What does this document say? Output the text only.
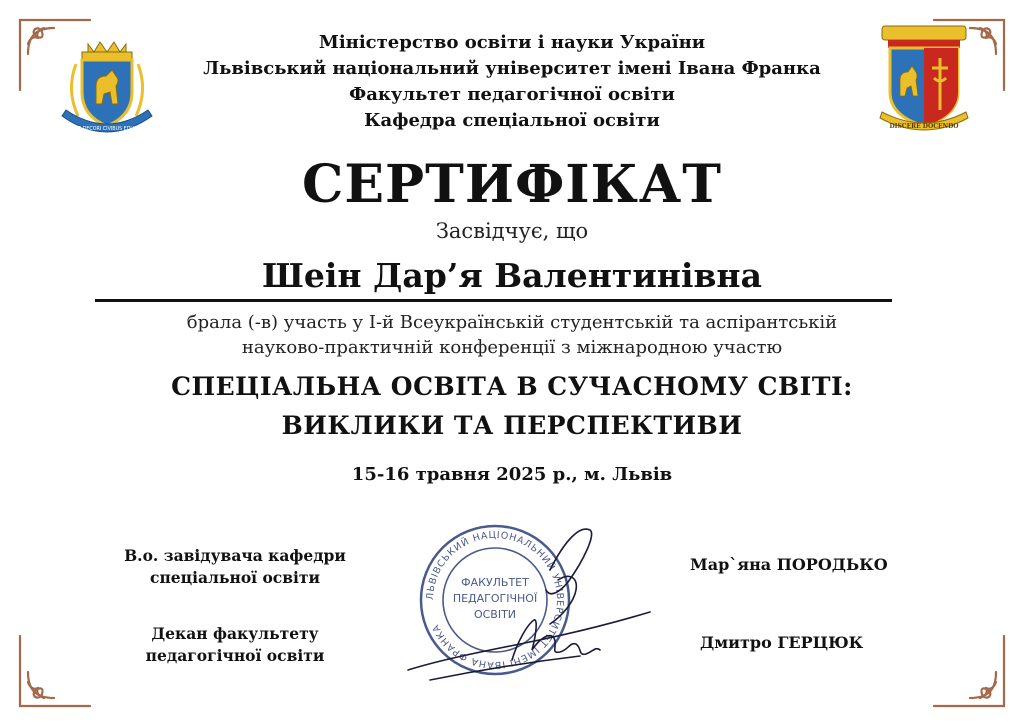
PATRIAE DECORI CIVIBUS EDUCANDIS	DISCERE DOCENDO
Міністерство освіти і науки України
Львівський національний університет імені Івана Франка
Факультет педагогічної освіти
Кафедра спеціальної освіти
СЕРТИФІКАТ
Засвідчує, що
Шеін Дар’я Валентинівна
брала (-в) участь у І-й Всеукраїнській студентській та аспірантській
науково-практичній конференції з міжнародною участю
СПЕЦІАЛЬНА ОСВІТА В СУЧАСНОМУ СВІТІ:
ВИКЛИКИ ТА ПЕРСПЕКТИВИ
15-16 травня 2025 р., м. Львів
В.о. завідувача кафедри
спеціальної освіти
Мар`яна ПОРОДЬКО
Декан факультету
педагогічної освіти
Дмитро ГЕРЦЮК
ЛЬВІВСЬКИЙ НАЦІОНАЛЬНИЙ УНІВЕРСИТЕТ ІМЕНІ ІВАНА ФРАНКА
ФАКУЛЬТЕТ
ПЕДАГОГІЧНОЇ
ОСВІТИ
